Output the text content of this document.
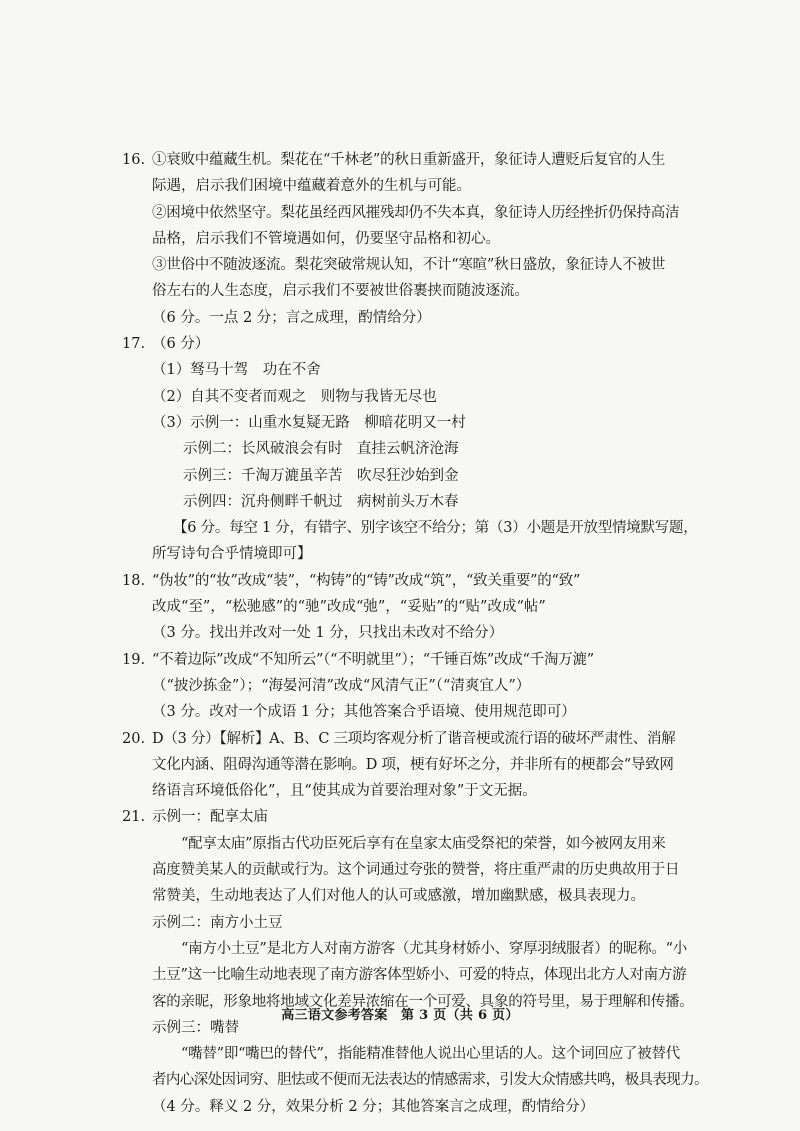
16. ①衰败中蕴藏生机。梨花在“千林老”的秋日重新盛开，象征诗人遭贬后复官的人生
际遇，启示我们困境中蕴藏着意外的生机与可能。
②困境中依然坚守。梨花虽经西风摧残却仍不失本真，象征诗人历经挫折仍保持高洁
品格，启示我们不管境遇如何，仍要坚守品格和初心。
③世俗中不随波逐流。梨花突破常规认知，不计“寒暄”秋日盛放，象征诗人不被世
俗左右的人生态度，启示我们不要被世俗裹挟而随波逐流。
（6 分。一点 2 分；言之成理，酌情给分）
17. （6 分）
（1）驽马十驾　功在不舍
（2）自其不变者而观之　则物与我皆无尽也
（3）示例一：山重水复疑无路　柳暗花明又一村
示例二：长风破浪会有时　直挂云帆济沧海
示例三：千淘万漉虽辛苦　吹尽狂沙始到金
示例四：沉舟侧畔千帆过　病树前头万木春
【6 分。每空 1 分，有错字、别字该空不给分；第（3）小题是开放型情境默写题，
所写诗句合乎情境即可】
18. “伪妆”的“妆”改成“装”，“构铸”的“铸”改成“筑”，“致关重要”的“致”
改成“至”，“松驰感”的“驰”改成“弛”，“妥贴”的“贴”改成“帖”
（3 分。找出并改对一处 1 分，只找出未改对不给分）
19. “不着边际”改成“不知所云”（“不明就里”）；“千锤百炼”改成“千淘万漉”
（“披沙拣金”）；“海晏河清”改成“风清气正”（“清爽宜人”）
（3 分。改对一个成语 1 分；其他答案合乎语境、使用规范即可）
20. D（3 分）【解析】A、B、C 三项均客观分析了谐音梗或流行语的破坏严肃性、消解
文化内涵、阻碍沟通等潜在影响。D 项，梗有好坏之分，并非所有的梗都会“导致网
络语言环境低俗化”，且“使其成为首要治理对象”于文无据。
21. 示例一：配享太庙
“配享太庙”原指古代功臣死后享有在皇家太庙受祭祀的荣誉，如今被网友用来
高度赞美某人的贡献或行为。这个词通过夸张的赞誉，将庄重严肃的历史典故用于日
常赞美，生动地表达了人们对他人的认可或感激，增加幽默感，极具表现力。
示例二：南方小土豆
“南方小土豆”是北方人对南方游客（尤其身材娇小、穿厚羽绒服者）的昵称。“小
土豆”这一比喻生动地表现了南方游客体型娇小、可爱的特点，体现出北方人对南方游
客的亲昵，形象地将地域文化差异浓缩在一个可爱、具象的符号里，易于理解和传播。
示例三：嘴替
“嘴替”即“嘴巴的替代”，指能精准替他人说出心里话的人。这个词回应了被替代
者内心深处因词穷、胆怯或不便而无法表达的情感需求，引发大众情感共鸣，极具表现力。
（4 分。释义 2 分，效果分析 2 分；其他答案言之成理，酌情给分）
高三语文参考答案　第 3 页（共 6 页）
